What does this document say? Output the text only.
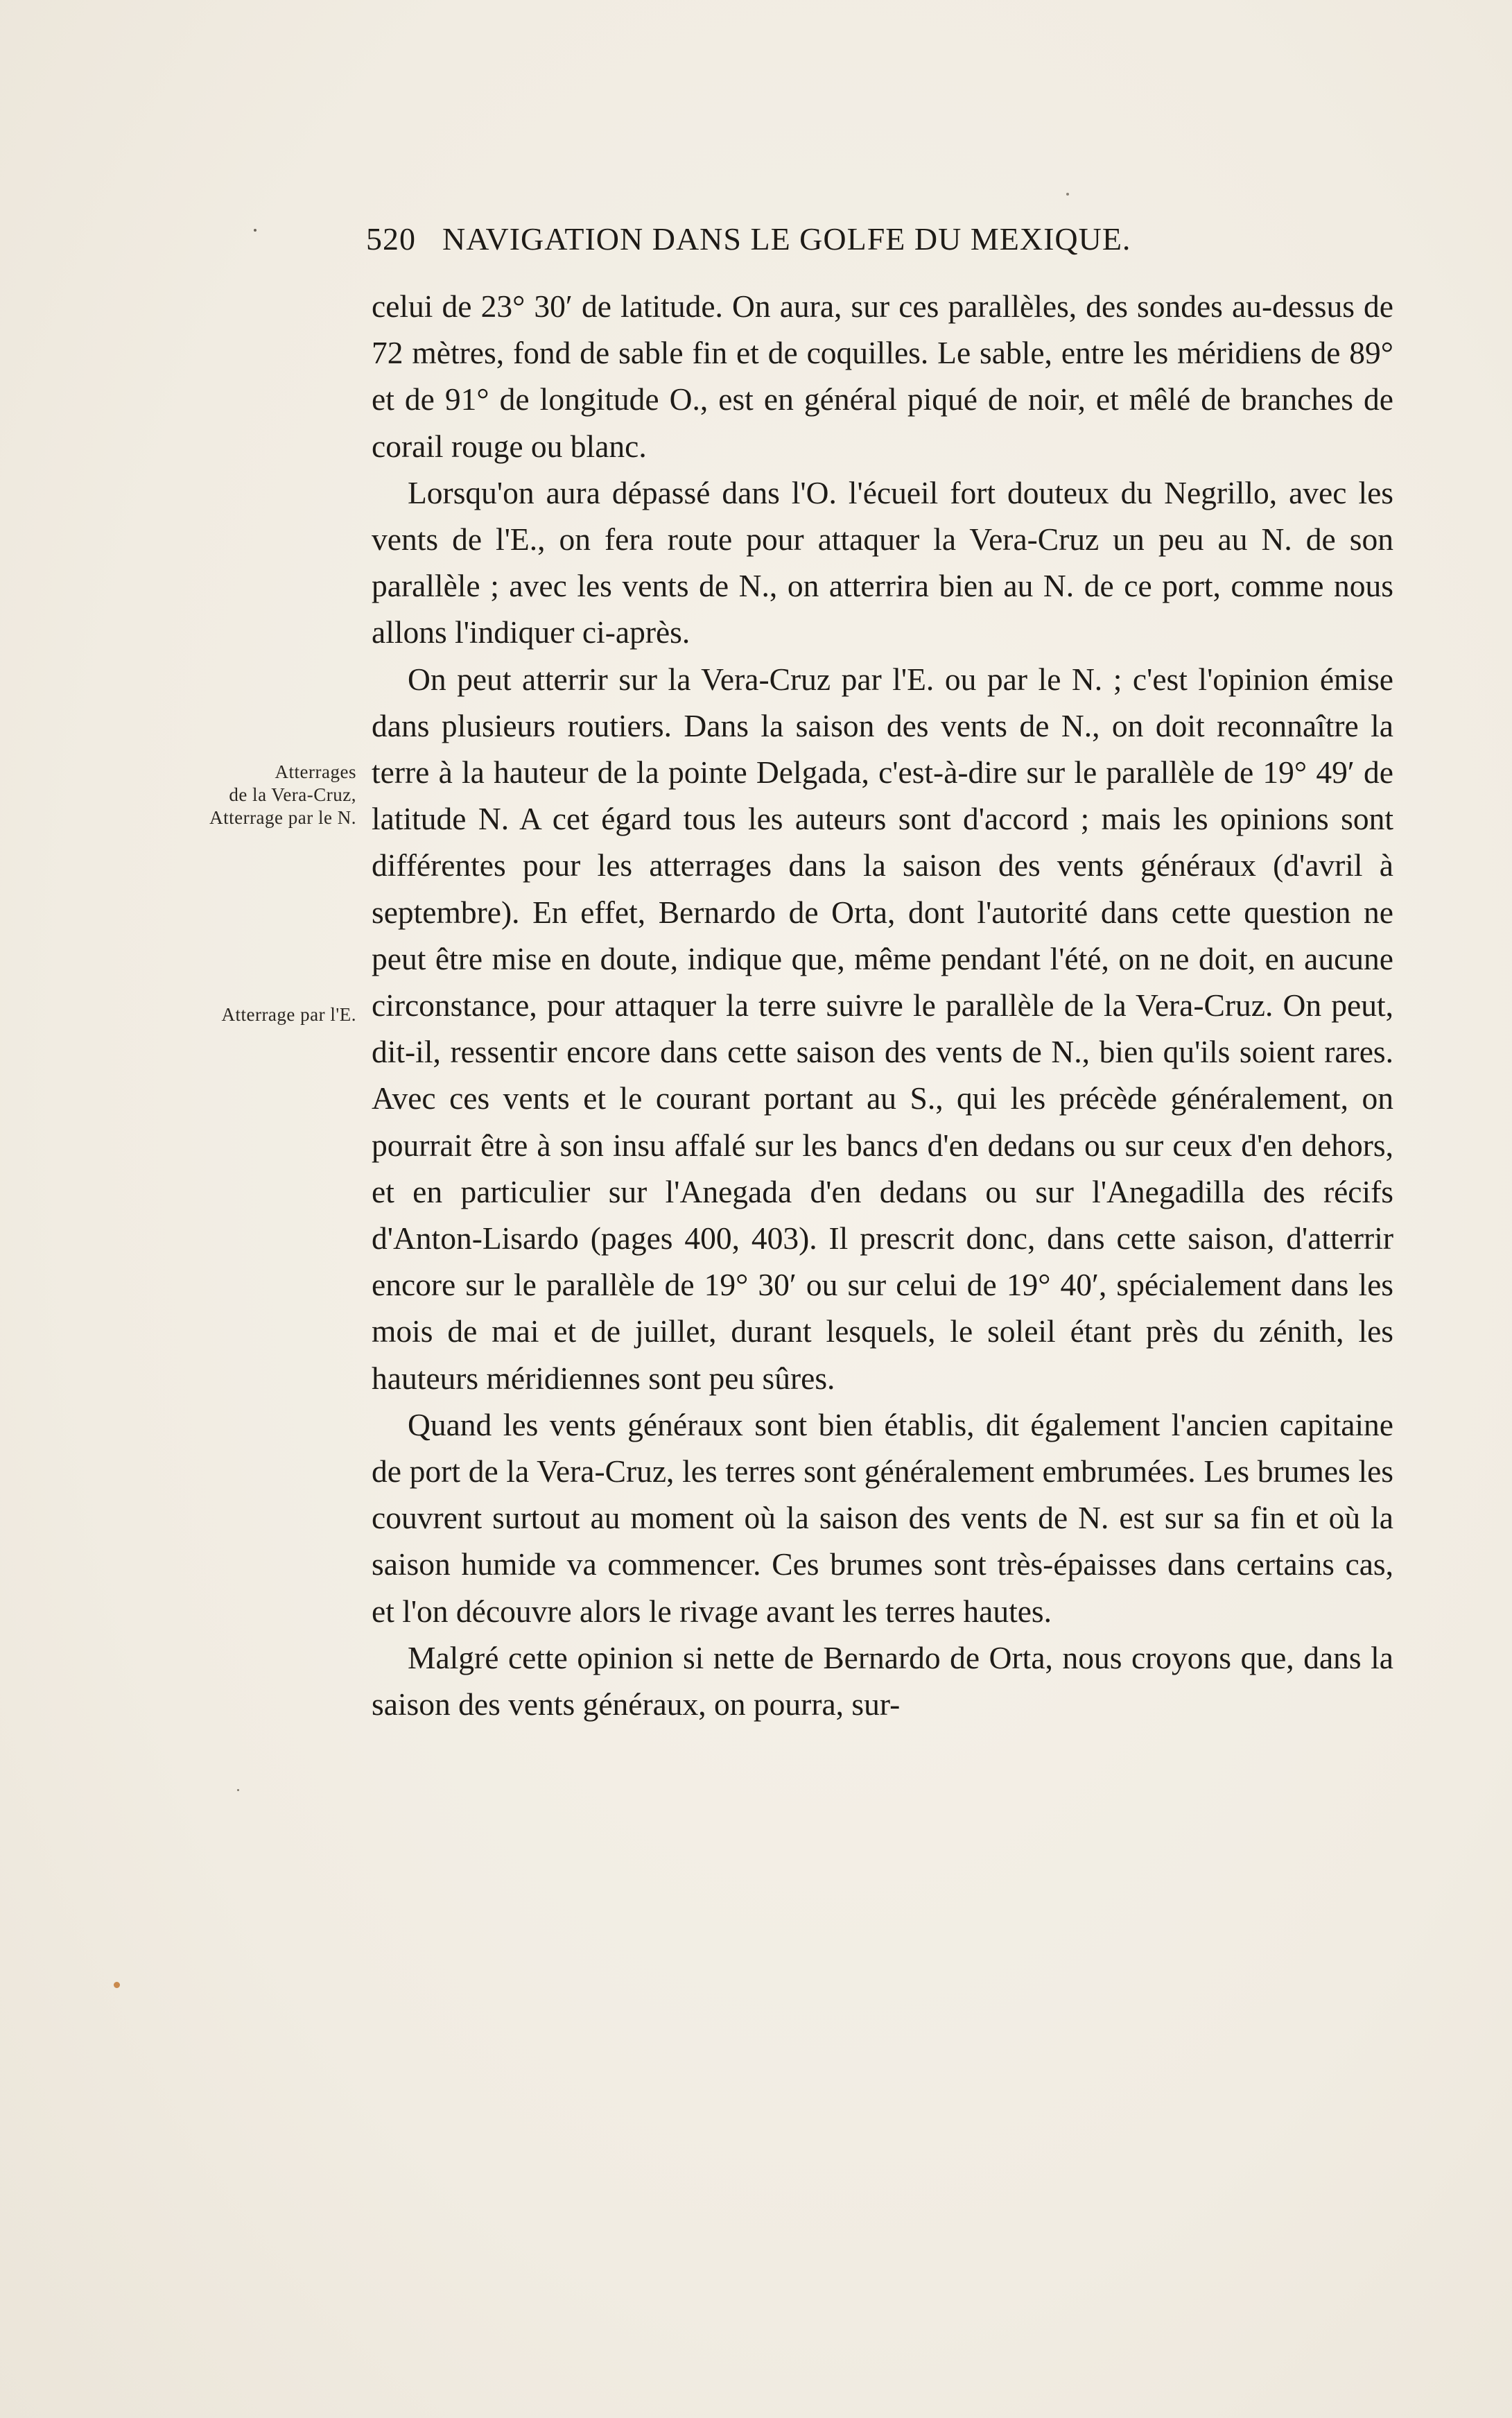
520 NAVIGATION DANS LE GOLFE DU MEXIQUE.
Atterrages
de la Vera-Cruz,
Atterrage par le N.
Atterrage par l'E.

celui de 23° 30′ de latitude. On aura, sur ces parallèles, des sondes au-dessus de 72 mètres, fond de sable fin et de coquilles. Le sable, entre les méridiens de 89° et de 91° de longitude O., est en général piqué de noir, et mêlé de branches de corail rouge ou blanc.

Lorsqu'on aura dépassé dans l'O. l'écueil fort douteux du Negrillo, avec les vents de l'E., on fera route pour attaquer la Vera-Cruz un peu au N. de son parallèle ; avec les vents de N., on atterrira bien au N. de ce port, comme nous allons l'indiquer ci-après.

On peut atterrir sur la Vera-Cruz par l'E. ou par le N. ; c'est l'opinion émise dans plusieurs routiers. Dans la saison des vents de N., on doit reconnaître la terre à la hauteur de la pointe Delgada, c'est-à-dire sur le parallèle de 19° 49′ de latitude N. A cet égard tous les auteurs sont d'accord ; mais les opinions sont différentes pour les atterrages dans la saison des vents généraux (d'avril à septembre). En effet, Bernardo de Orta, dont l'autorité dans cette question ne peut être mise en doute, indique que, même pendant l'été, on ne doit, en aucune circonstance, pour attaquer la terre suivre le parallèle de la Vera-Cruz. On peut, dit-il, ressentir encore dans cette saison des vents de N., bien qu'ils soient rares. Avec ces vents et le courant portant au S., qui les précède généralement, on pourrait être à son insu affalé sur les bancs d'en dedans ou sur ceux d'en dehors, et en particulier sur l'Anegada d'en dedans ou sur l'Anegadilla des récifs d'Anton-Lisardo (pages 400, 403). Il prescrit donc, dans cette saison, d'atterrir encore sur le parallèle de 19° 30′ ou sur celui de 19° 40′, spécialement dans les mois de mai et de juillet, durant lesquels, le soleil étant près du zénith, les hauteurs méridiennes sont peu sûres.

Quand les vents généraux sont bien établis, dit également l'ancien capitaine de port de la Vera-Cruz, les terres sont généralement embrumées. Les brumes les couvrent surtout au moment où la saison des vents de N. est sur sa fin et où la saison humide va commencer. Ces brumes sont très-épaisses dans certains cas, et l'on découvre alors le rivage avant les terres hautes.

Malgré cette opinion si nette de Bernardo de Orta, nous croyons que, dans la saison des vents généraux, on pourra, sur-
